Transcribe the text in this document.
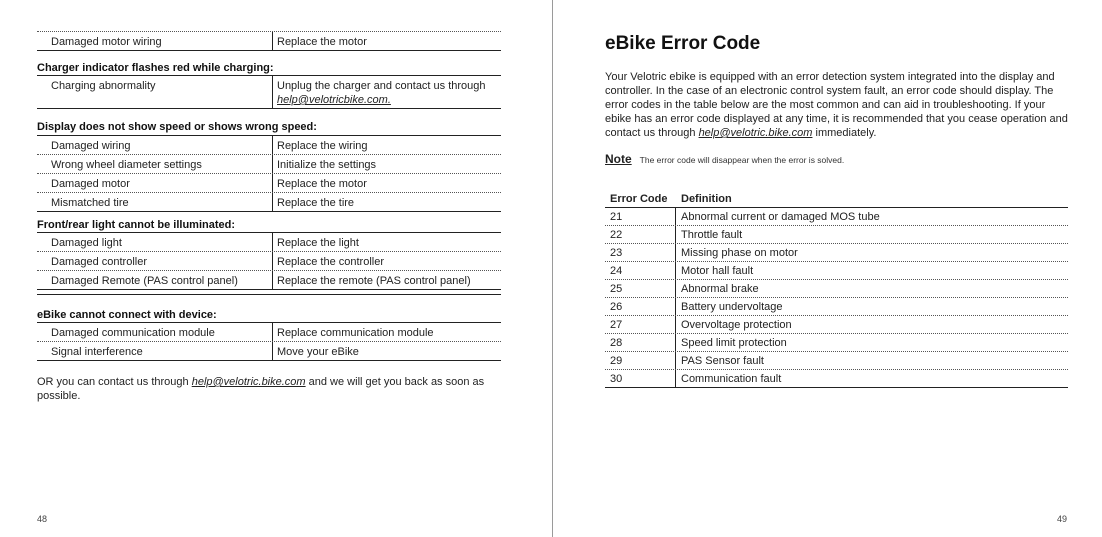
Damaged motor wiring	Replace the motor
Charger indicator flashes red while charging:
Charging abnormality	Unplug the charger and contact us through
help@velotricbike.com.
Display does not show speed or shows wrong speed:
Damaged wiring	Replace the wiring
Wrong wheel diameter settings	Initialize the settings
Damaged motor	Replace the motor
Mismatched tire	Replace the tire
Front/rear light cannot be illuminated:
Damaged light	Replace the light
Damaged controller	Replace the controller
Damaged Remote (PAS control panel)	Replace the remote (PAS control panel)
eBike cannot connect with device:
Damaged communication module	Replace communication module
Signal interference	Move your eBike
OR you can contact us through help@velotric.bike.com and we will get you back as soon as possible.
48
eBike Error Code
Your Velotric ebike is equipped with an error detection system integrated into the display and controller. In the case of an electronic control system fault, an error code should display. The error codes in the table below are the most common and can aid in troubleshooting. If your ebike has an error code displayed at any time, it is recommended that you cease operation and contact us through help@velotric.bike.com immediately.
Note The error code will disappear when the error is solved.
Error Code Definition
21	Abnormal current or damaged MOS tube
22	Throttle fault
23	Missing phase on motor
24	Motor hall fault
25	Abnormal brake
26	Battery undervoltage
27	Overvoltage protection
28	Speed limit protection
29	PAS Sensor fault
30	Communication fault
49
